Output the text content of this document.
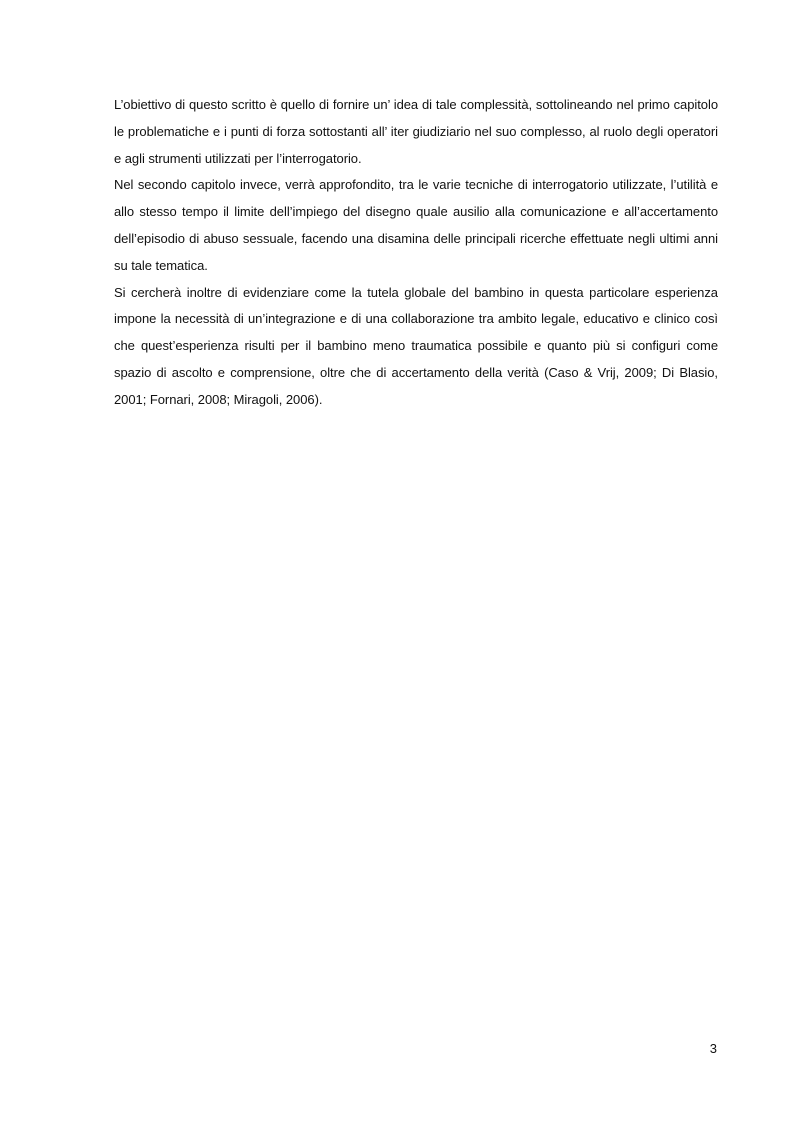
L’obiettivo di questo scritto è quello di fornire un’ idea di tale complessità, sottolineando nel primo capitolo le problematiche e i punti di forza sottostanti all’ iter giudiziario nel suo complesso, al ruolo degli operatori e agli strumenti utilizzati per l’interrogatorio.

Nel secondo capitolo invece, verrà approfondito, tra le varie tecniche di interrogatorio utilizzate, l’utilità e allo stesso tempo il limite dell’impiego del disegno quale ausilio alla comunicazione e all’accertamento dell’episodio di abuso sessuale, facendo una disamina delle principali ricerche effettuate negli ultimi anni su tale tematica.

Si cercherà inoltre di evidenziare come la tutela globale del bambino in questa particolare esperienza impone la necessità di un’integrazione e di una collaborazione tra ambito legale, educativo e clinico così che quest’esperienza risulti per il bambino meno traumatica possibile e quanto più si configuri come spazio di ascolto e comprensione, oltre che di accertamento della verità (Caso & Vrij, 2009; Di Blasio, 2001; Fornari, 2008; Miragoli, 2006).

3
